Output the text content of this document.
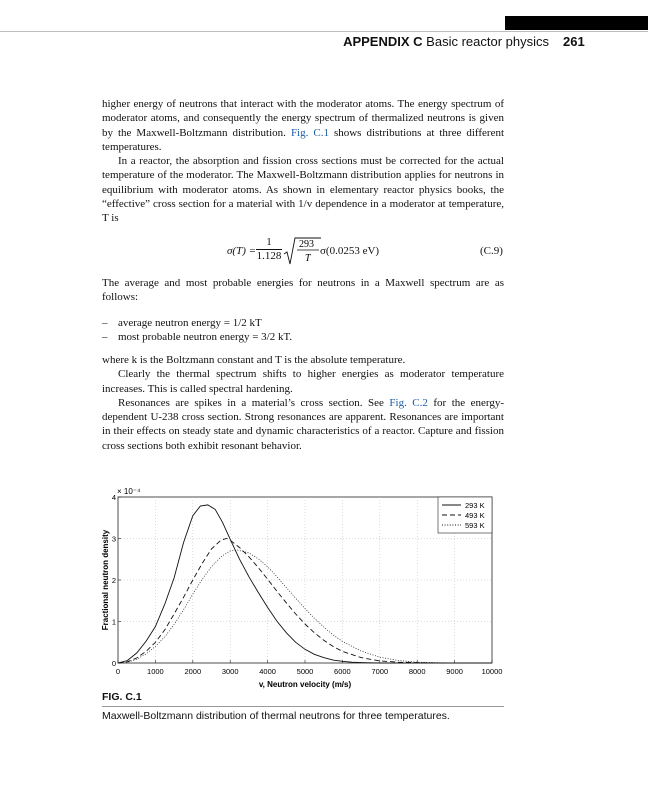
APPENDIX C Basic reactor physics 261

higher energy of neutrons that interact with the moderator atoms. The energy spectrum of moderator atoms, and consequently the energy spectrum of thermalized neutrons is given by the Maxwell-Boltzmann distribution. Fig. C.1 shows distributions at three different temperatures.

In a reactor, the absorption and fission cross sections must be corrected for the actual temperature of the moderator. The Maxwell-Boltzmann distribution applies for neutrons in equilibrium with moderator atoms. As shown in elementary reactor physics books, the “effective” cross section for a material with 1/v dependence in a moderator at temperature, T is

$\sigma(T) = \frac{1}{1.128} 293$
T
σ(0.0253 eV)	(C.9)
The average and most probable energies for neutrons in a Maxwell spectrum are as follows:
– average neutron energy = 1/2 kT
– most probable neutron energy = 3/2 kT.

where k is the Boltzmann constant and T is the absolute temperature.

Clearly the thermal spectrum shifts to higher energies as moderator temperature increases. This is called spectral hardening.

Resonances are spikes in a material’s cross section. See Fig. C.2 for the energy-dependent U-238 cross section. Strong resonances are apparent. Resonances are important in their effects on steady state and dynamic characteristics of a reactor. Capture and fission cross sections both exhibit resonant behavior.

0	1000	2000	3000	4000	5000	6000	7000	8000	9000 10000
0
1
2
3
4
× 10⁻⁴
v, Neutron velocity (m/s)
Fractional neutron density
293 K
493 K
593 K
FIG. C.1
Maxwell-Boltzmann distribution of thermal neutrons for three temperatures.
